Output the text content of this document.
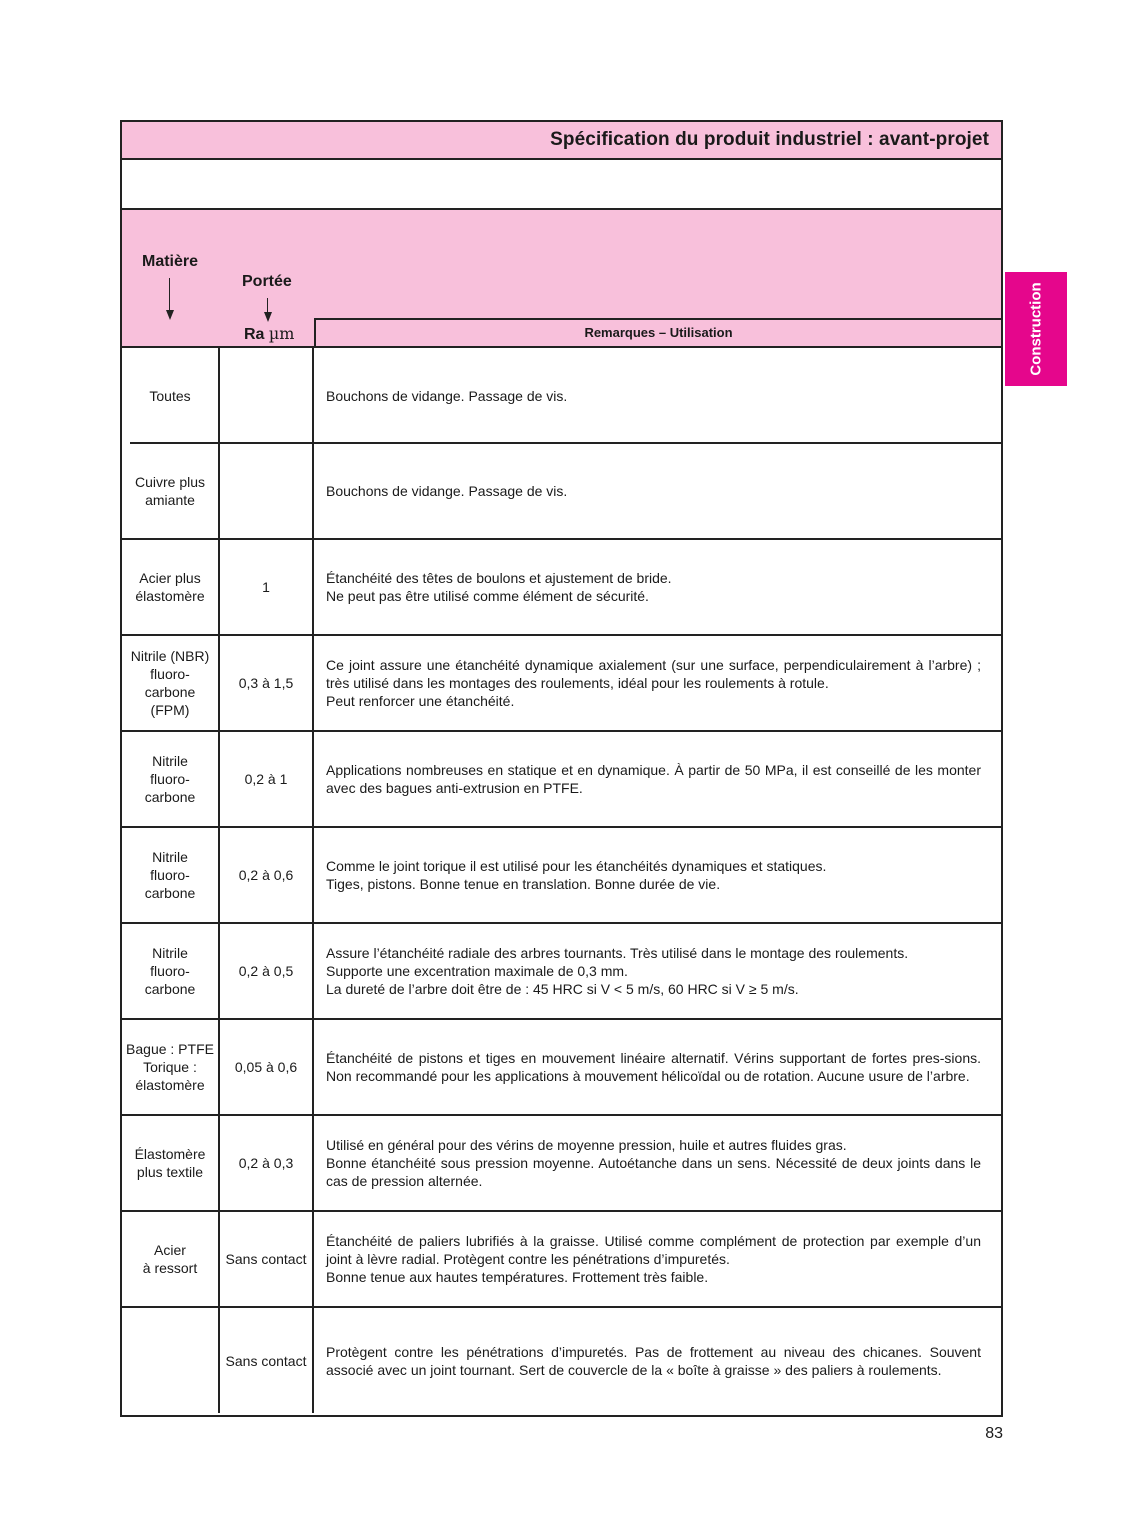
Spécification du produit industriel : avant-projet
Matière
Portée
Ra µm	Remarques – Utilisation
Toutes	Bouchons de vidange. Passage de vis.
Cuivre plus
amiante
Bouchons de vidange. Passage de vis.
Acier plus
élastomère
1
Étanchéité des têtes de boulons et ajustement de bride.
Ne peut pas être utilisé comme élément de sécurité.
Nitrile (NBR)
fluoro-
carbone
(FPM)
0,3 à 1,5
Ce joint assure une étanchéité dynamique axialement (sur une surface, perpendiculairement à l’arbre) ; très utilisé dans les montages des roulements, idéal pour les roulements à rotule.
Peut renforcer une étanchéité.
Nitrile
fluoro-
carbone
0,2 à 1
Applications nombreuses en statique et en dynamique. À partir de 50 MPa, il est conseillé de les monter avec des bagues anti-extrusion en PTFE.
Nitrile
fluoro-
carbone
0,2 à 0,6
Comme le joint torique il est utilisé pour les étanchéités dynamiques et statiques.
Tiges, pistons. Bonne tenue en translation. Bonne durée de vie.
Nitrile
fluoro-
carbone
0,2 à 0,5
Assure l’étanchéité radiale des arbres tournants. Très utilisé dans le montage des roulements.
Supporte une excentration maximale de 0,3 mm.
La dureté de l’arbre doit être de : 45 HRC si V < 5 m/s, 60 HRC si V ≥ 5 m/s.
Bague : PTFE
Torique :
élastomère
0,05 à 0,6
Étanchéité de pistons et tiges en mouvement linéaire alternatif. Vérins supportant de fortes pres-sions. Non recommandé pour les applications à mouvement hélicoïdal ou de rotation. Aucune usure de l’arbre.
Élastomère
plus textile
0,2 à 0,3
Utilisé en général pour des vérins de moyenne pression, huile et autres fluides gras.
Bonne étanchéité sous pression moyenne. Autoétanche dans un sens. Nécessité de deux joints dans le cas de pression alternée.
Acier
à ressort
Sans contact
Étanchéité de paliers lubrifiés à la graisse. Utilisé comme complément de protection par exemple d’un joint à lèvre radial. Protègent contre les pénétrations d’impuretés.
Bonne tenue aux hautes températures. Frottement très faible.
Sans contact
Protègent contre les pénétrations d’impuretés. Pas de frottement au niveau des chicanes. Souvent associé avec un joint tournant. Sert de couvercle de la « boîte à graisse » des paliers à roulements.
Construction
83
